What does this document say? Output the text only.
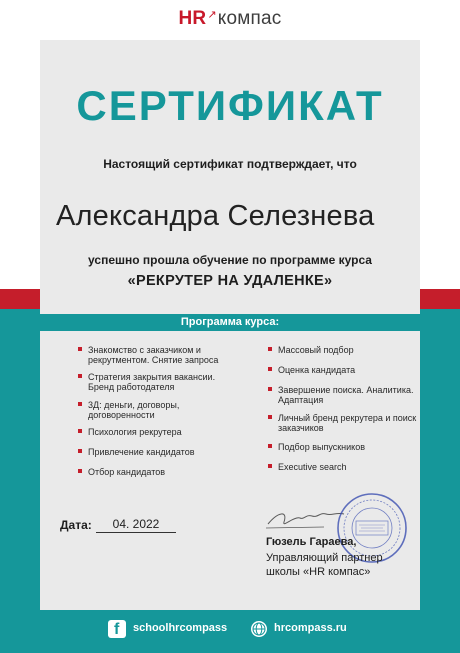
HR↗компас
СЕРТИФИКАТ
Настоящий сертификат подтверждает, что
Александра Селезнева
успешно прошла обучение по программе курса
«РЕКРУТЕР НА УДАЛЕНКЕ»
Программа курса:
Знакомство с заказчиком и рекрутментом. Снятие запроса
Стратегия закрытия вакансии. Бренд работодателя
3Д: деньги, договоры, договоренности
Психология рекрутера
Привлечение кандидатов
Отбор кандидатов
Массовый подбор
Оценка кандидата
Завершение поиска. Аналитика. Адаптация
Личный бренд рекрутера и поиск заказчиков
Подбор выпускников
Executive search
Дата:	04. 2022
Гюзель Гараева,
Управляющий партнер
школы «HR компас»
f schoolhrcompass	hrcompass.ru
